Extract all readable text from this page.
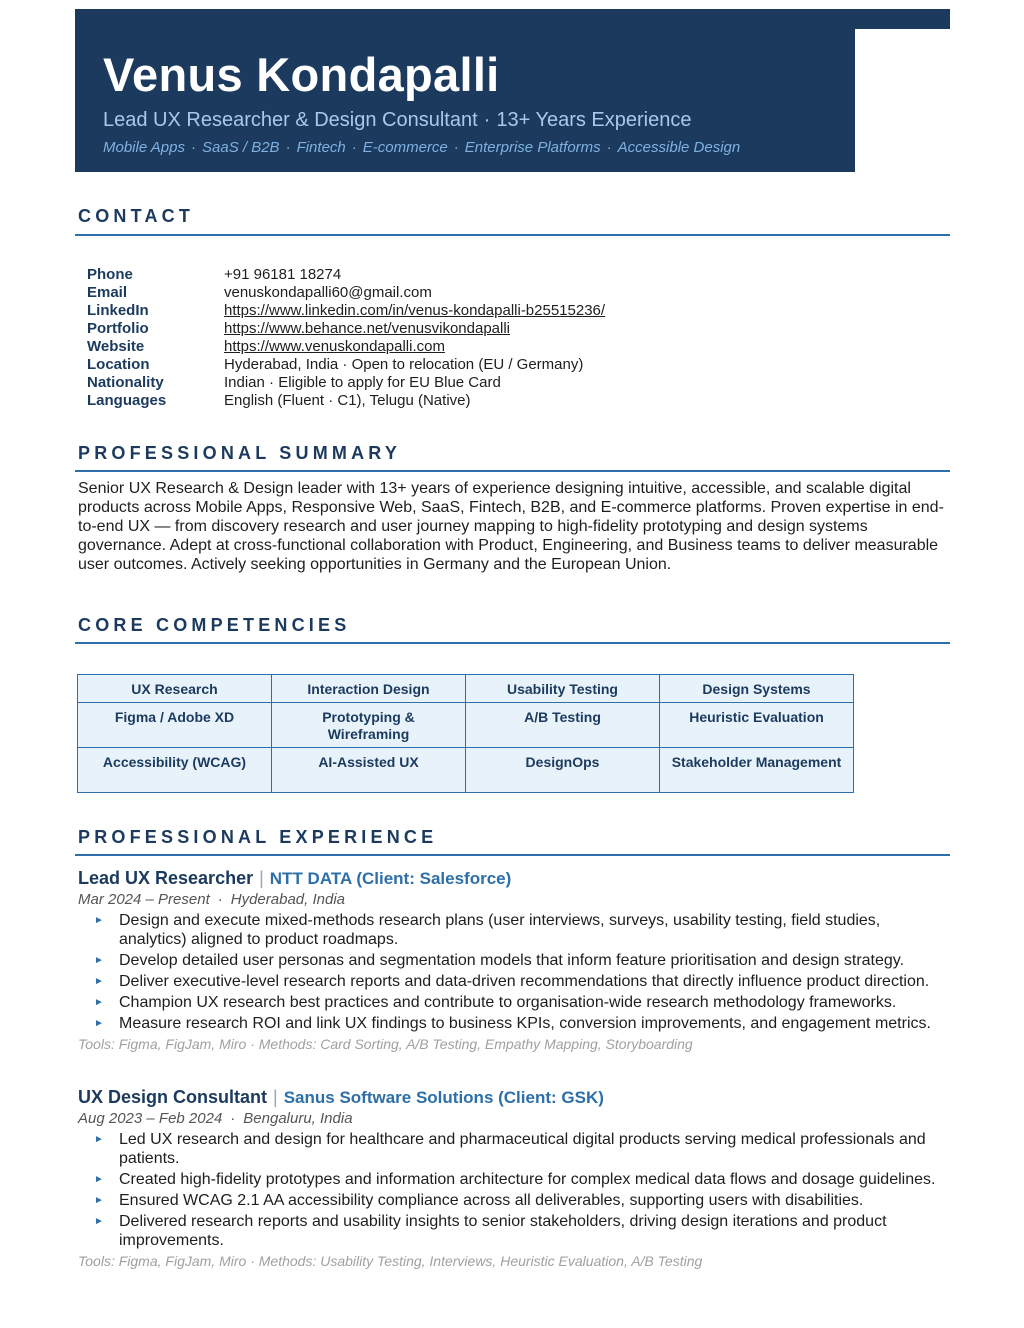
Venus Kondapalli
Lead UX Researcher & Design Consultant · 13+ Years Experience
Mobile Apps · SaaS / B2B · Fintech · E-commerce · Enterprise Platforms · Accessible Design
CONTACT
Phone	+91 96181 18274
Email	venuskondapalli60@gmail.com
LinkedIn	https://www.linkedin.com/in/venus-kondapalli-b25515236/
Portfolio	https://www.behance.net/venusvikondapalli
Website	https://www.venuskondapalli.com
Location	Hyderabad, India · Open to relocation (EU / Germany)
Nationality	Indian · Eligible to apply for EU Blue Card
Languages	English (Fluent · C1), Telugu (Native)
PROFESSIONAL SUMMARY
Senior UX Research & Design leader with 13+ years of experience designing intuitive, accessible, and scalable digital products across Mobile Apps, Responsive Web, SaaS, Fintech, B2B, and E-commerce platforms. Proven expertise in end-to-end UX — from discovery research and user journey mapping to high-fidelity prototyping and design systems governance. Adept at cross-functional collaboration with Product, Engineering, and Business teams to deliver measurable user outcomes. Actively seeking opportunities in Germany and the European Union.
CORE COMPETENCIES
UX Research	Interaction Design	Usability Testing	Design Systems
Figma / Adobe XD	Prototyping & Wireframing	A/B Testing	Heuristic Evaluation
Accessibility (WCAG)	AI-Assisted UX	DesignOps	Stakeholder Management
PROFESSIONAL EXPERIENCE
Lead UX Researcher | NTT DATA (Client: Salesforce)
Mar 2024 – Present · Hyderabad, India
► Design and execute mixed-methods research plans (user interviews, surveys, usability testing, field studies, analytics) aligned to product roadmaps.
► Develop detailed user personas and segmentation models that inform feature prioritisation and design strategy.
► Deliver executive-level research reports and data-driven recommendations that directly influence product direction.
► Champion UX research best practices and contribute to organisation-wide research methodology frameworks.
► Measure research ROI and link UX findings to business KPIs, conversion improvements, and engagement metrics.
Tools: Figma, FigJam, Miro · Methods: Card Sorting, A/B Testing, Empathy Mapping, Storyboarding
UX Design Consultant | Sanus Software Solutions (Client: GSK)
Aug 2023 – Feb 2024 · Bengaluru, India
► Led UX research and design for healthcare and pharmaceutical digital products serving medical professionals and patients.
► Created high-fidelity prototypes and information architecture for complex medical data flows and dosage guidelines.
► Ensured WCAG 2.1 AA accessibility compliance across all deliverables, supporting users with disabilities.
► Delivered research reports and usability insights to senior stakeholders, driving design iterations and product improvements.
Tools: Figma, FigJam, Miro · Methods: Usability Testing, Interviews, Heuristic Evaluation, A/B Testing
